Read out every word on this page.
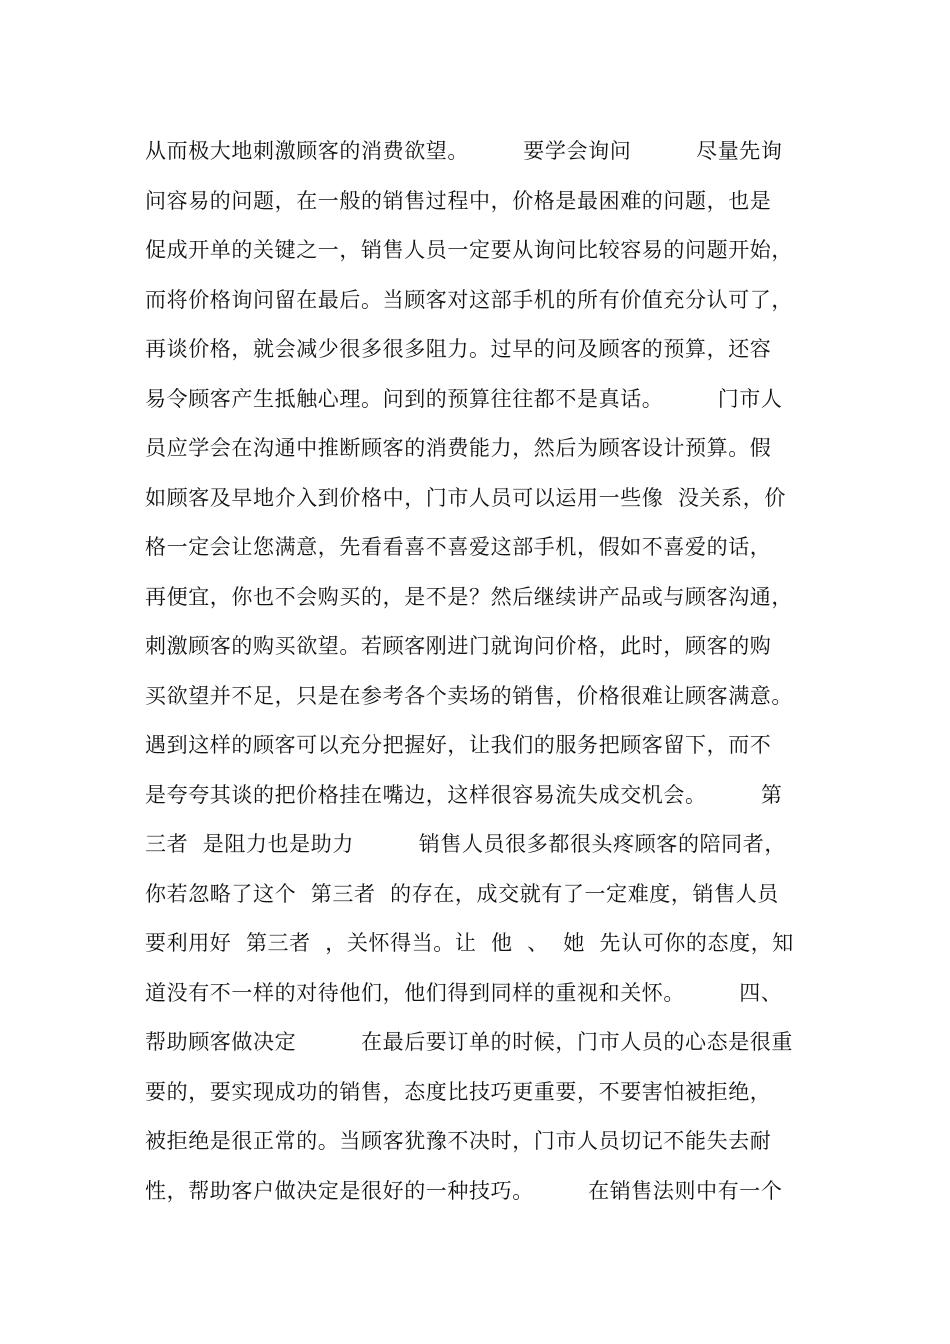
从而极大地刺激顾客的消费欲望。　　　要学会询问　　　尽量先询
问容易的问题，在一般的销售过程中，价格是最困难的问题，也是
促成开单的关键之一，销售人员一定要从询问比较容易的问题开始，
而将价格询问留在最后。当顾客对这部手机的所有价值充分认可了，
再谈价格，就会减少很多很多阻力。过早的问及顾客的预算，还容
易令顾客产生抵触心理。问到的预算往往都不是真话。　　　门市人
员应学会在沟通中推断顾客的消费能力，然后为顾客设计预算。假
如顾客及早地介入到价格中，门市人员可以运用一些像  没关系，价
格一定会让您满意，先看看喜不喜爱这部手机，假如不喜爱的话，
再便宜，你也不会购买的，是不是？然后继续讲产品或与顾客沟通，
刺激顾客的购买欲望。若顾客刚进门就询问价格，此时，顾客的购
买欲望并不足，只是在参考各个卖场的销售，价格很难让顾客满意。
遇到这样的顾客可以充分把握好，让我们的服务把顾客留下，而不
是夸夸其谈的把价格挂在嘴边，这样很容易流失成交机会。　　　第
三者  是阻力也是助力　　　销售人员很多都很头疼顾客的陪同者，
你若忽略了这个  第三者  的存在，成交就有了一定难度，销售人员
要利用好  第三者  ，关怀得当。让  他  、  她  先认可你的态度，知
道没有不一样的对待他们，他们得到同样的重视和关怀。　　　四、
帮助顾客做决定　　　在最后要订单的时候，门市人员的心态是很重
要的，要实现成功的销售，态度比技巧更重要，不要害怕被拒绝，
被拒绝是很正常的。当顾客犹豫不决时，门市人员切记不能失去耐
性，帮助客户做决定是很好的一种技巧。　　　在销售法则中有一个
